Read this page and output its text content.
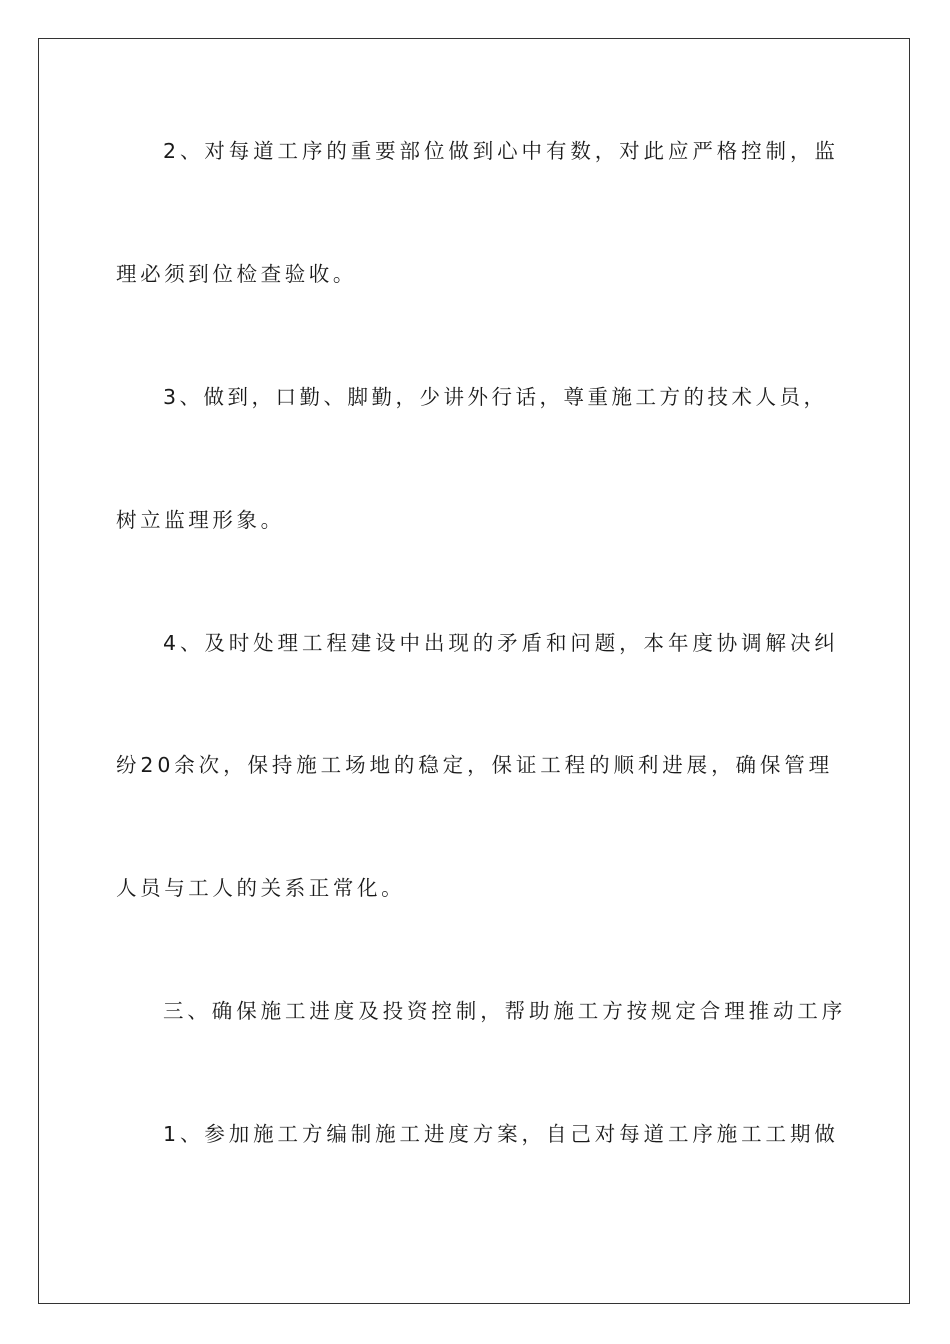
2、对每道工序的重要部位做到心中有数，对此应严格控制，监
理必须到位检查验收。
3、做到，口勤、脚勤，少讲外行话，尊重施工方的技术人员，
树立监理形象。
4、及时处理工程建设中出现的矛盾和问题，本年度协调解决纠
纷20余次，保持施工场地的稳定，保证工程的顺利进展，确保管理
人员与工人的关系正常化。
三、确保施工进度及投资控制，帮助施工方按规定合理推动工序
1、参加施工方编制施工进度方案，自己对每道工序施工工期做
